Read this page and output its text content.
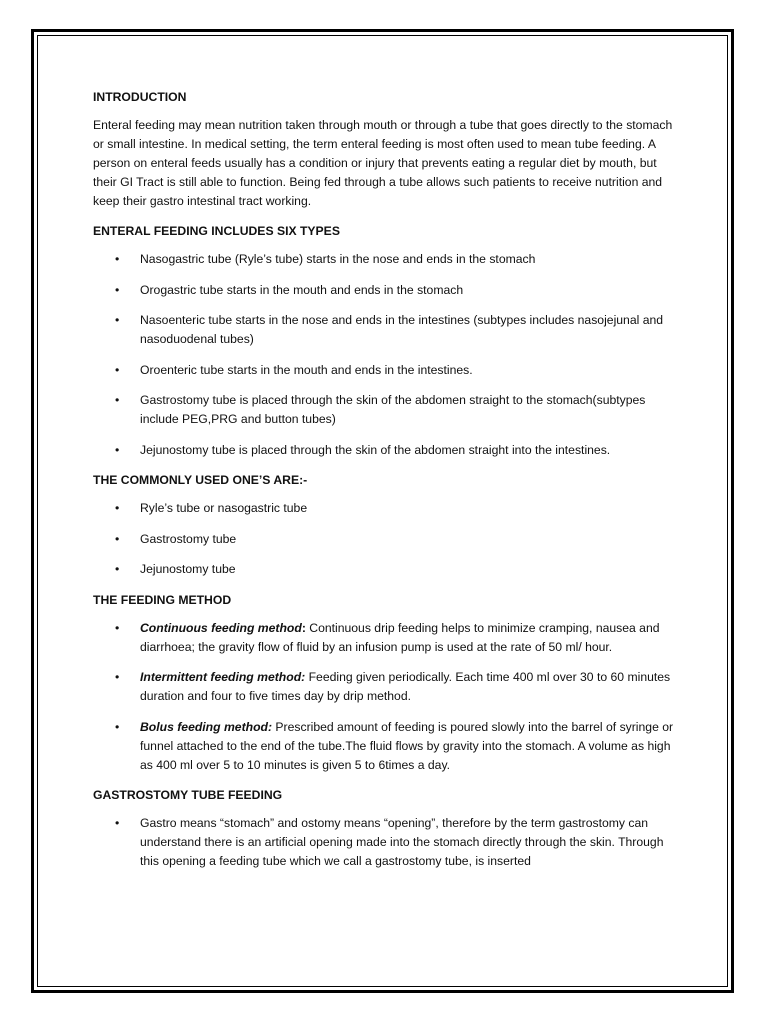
INTRODUCTION
Enteral feeding may mean nutrition taken through mouth or through a tube that goes directly to the stomach or small intestine. In medical setting, the term enteral feeding is most often used to mean tube feeding. A person on enteral feeds usually has a condition or injury that prevents eating a regular diet by mouth, but their GI Tract is still able to function. Being fed through a tube allows such patients to receive nutrition and keep their gastro intestinal tract working.
ENTERAL FEEDING INCLUDES SIX TYPES
• Nasogastric tube (Ryle’s tube) starts in the nose and ends in the stomach
• Orogastric tube starts in the mouth and ends in the stomach
• Nasoenteric tube starts in the nose and ends in the intestines (subtypes includes nasojejunal and nasoduodenal tubes)
• Oroenteric tube starts in the mouth and ends in the intestines.
• Gastrostomy tube is placed through the skin of the abdomen straight to the stomach(subtypes include PEG,PRG and button tubes)
• Jejunostomy tube is placed through the skin of the abdomen straight into the intestines.
THE COMMONLY USED ONE’S ARE:-
• Ryle’s tube or nasogastric tube
• Gastrostomy tube
• Jejunostomy tube
THE FEEDING METHOD
• Continuous feeding method: Continuous drip feeding helps to minimize cramping, nausea and diarrhoea; the gravity flow of fluid by an infusion pump is used at the rate of 50 ml/ hour.
• Intermittent feeding method: Feeding given periodically. Each time 400 ml over 30 to 60 minutes duration and four to five times day by drip method.
• Bolus feeding method: Prescribed amount of feeding is poured slowly into the barrel of syringe or funnel attached to the end of the tube.The fluid flows by gravity into the stomach. A volume as high as 400 ml over 5 to 10 minutes is given 5 to 6times a day.
GASTROSTOMY TUBE FEEDING
• Gastro means “stomach” and ostomy means “opening”, therefore by the term gastrostomy can understand there is an artificial opening made into the stomach directly through the skin. Through this opening a feeding tube which we call a gastrostomy tube, is inserted
